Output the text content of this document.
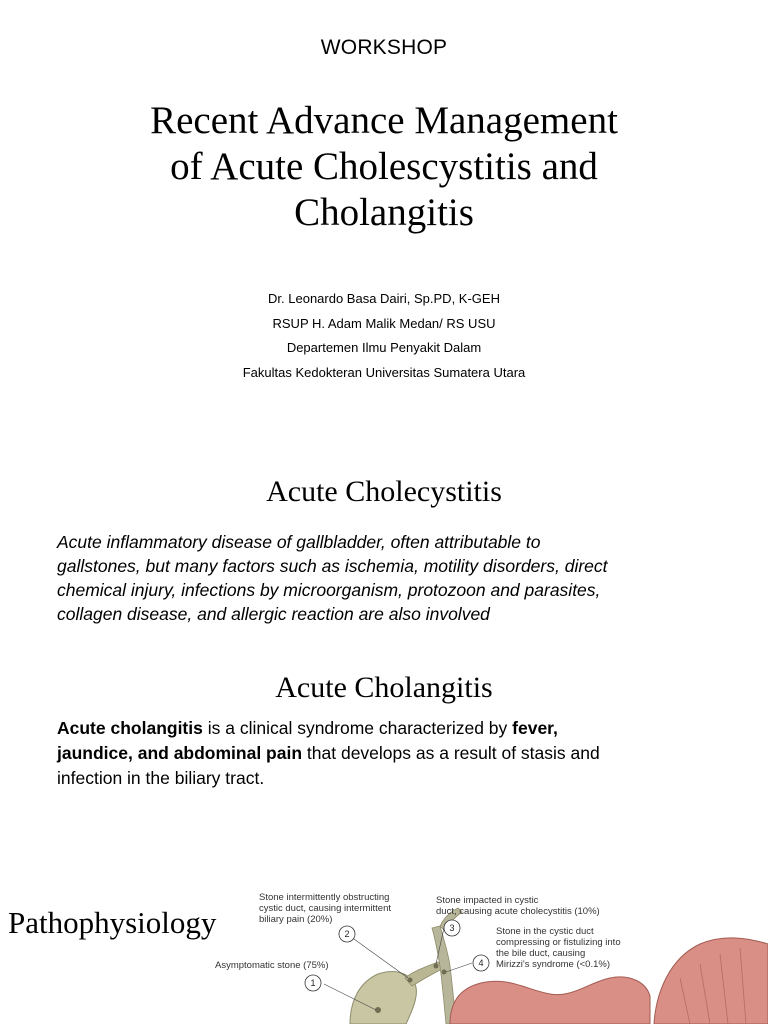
WORKSHOP
Recent Advance Management
of Acute Cholescystitis and
Cholangitis
Dr. Leonardo Basa Dairi, Sp.PD, K-GEH
RSUP H. Adam Malik Medan/ RS USU
Departemen Ilmu Penyakit Dalam
Fakultas Kedokteran Universitas Sumatera Utara
Acute Cholecystitis
Acute inflammatory disease of gallbladder, often attributable to
gallstones, but many factors such as ischemia, motility disorders, direct
chemical injury, infections by microorganism, protozoon and parasites,
collagen disease, and allergic reaction are also involved
Acute Cholangitis
Acute cholangitis is a clinical syndrome characterized by fever,
jaundice, and abdominal pain that develops as a result of stasis and
infection in the biliary tract.
Pathophysiology
1
2
3
4
Stone intermittently obstructing
cystic duct, causing intermittent
biliary pain (20%)
Stone impacted in cystic
duct, causing acute cholecystitis (10%)
Stone in the cystic duct
compressing or fistulizing into
the bile duct, causing
Mirizzi's syndrome (<0.1%)
Asymptomatic stone (75%)
